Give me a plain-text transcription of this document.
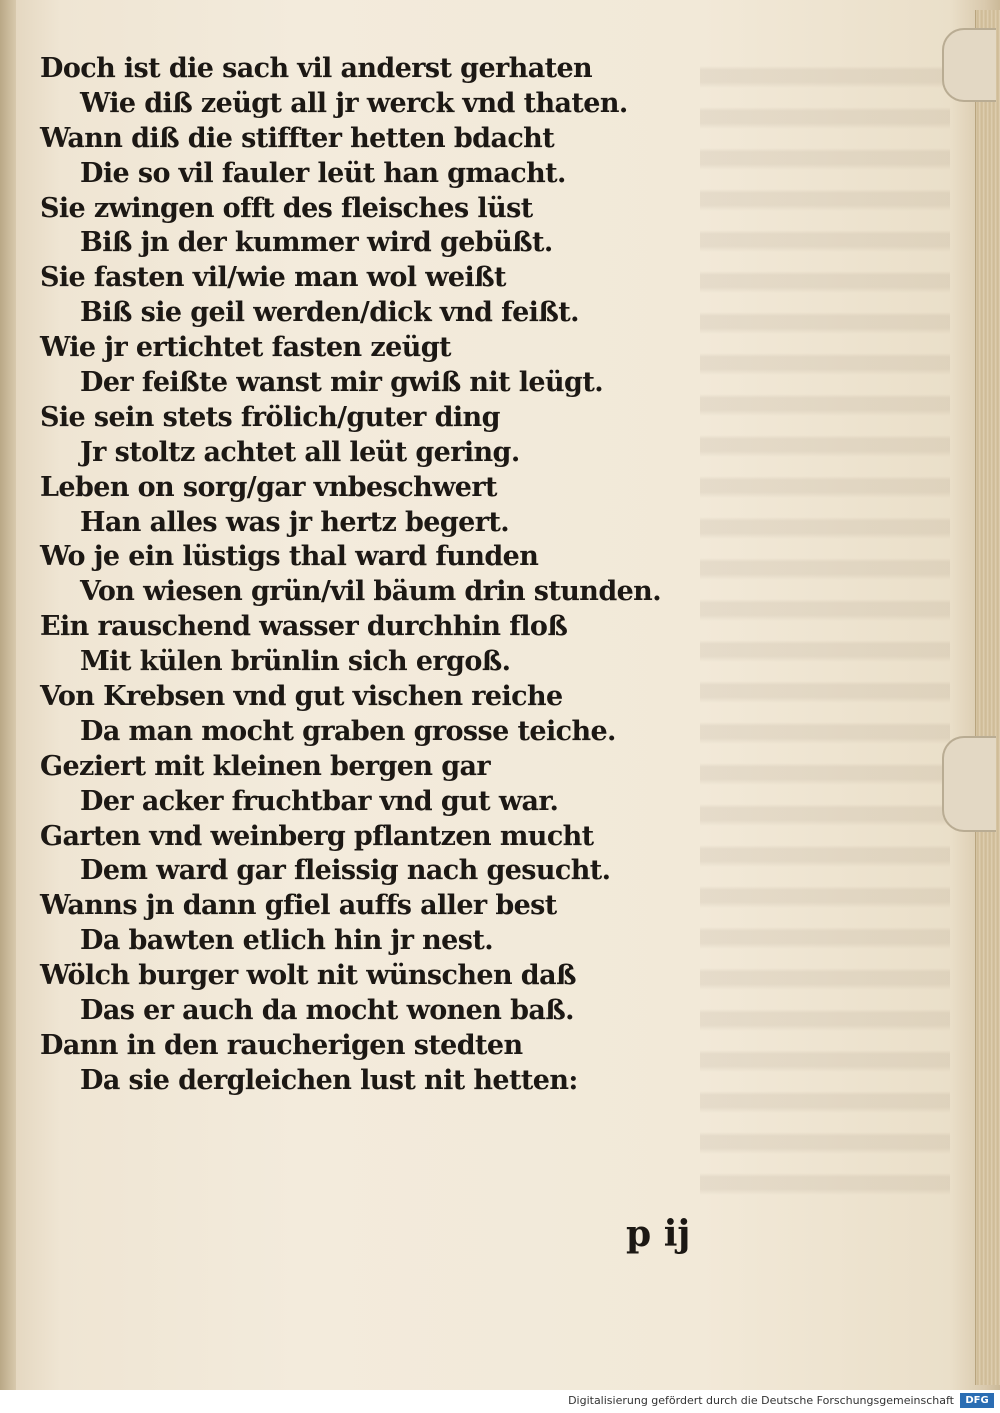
Doch ist die sach vil anderst gerhaten
Wie diß zeügt all jr werck vnd thaten.
Wann diß die stiffter hetten bdacht
Die so vil fauler leüt han gmacht.
Sie zwingen offt des fleisches lüst
Biß jn der kummer wird gebüßt.
Sie fasten vil/wie man wol weißt
Biß sie geil werden/dick vnd feißt.
Wie jr ertichtet fasten zeügt
Der feißte wanst mir gwiß nit leügt.
Sie sein stets frölich/guter ding
Jr stoltz achtet all leüt gering.
Leben on sorg/gar vnbeschwert
Han alles was jr hertz begert.
Wo je ein lüstigs thal ward funden
Von wiesen grün/vil bäum drin stunden.
Ein rauschend wasser durchhin floß
Mit külen brünlin sich ergoß.
Von Krebsen vnd gut vischen reiche
Da man mocht graben grosse teiche.
Geziert mit kleinen bergen gar
Der acker fruchtbar vnd gut war.
Garten vnd weinberg pflantzen mucht
Dem ward gar fleissig nach gesucht.
Wanns jn dann gfiel auffs aller best
Da bawten etlich hin jr nest.
Wölch burger wolt nit wünschen daß
Das er auch da mocht wonen baß.
Dann in den raucherigen stedten
Da sie dergleichen lust nit hetten:
p ij
Digitalisierung gefördert durch die Deutsche Forschungsgemeinschaft	DFG
